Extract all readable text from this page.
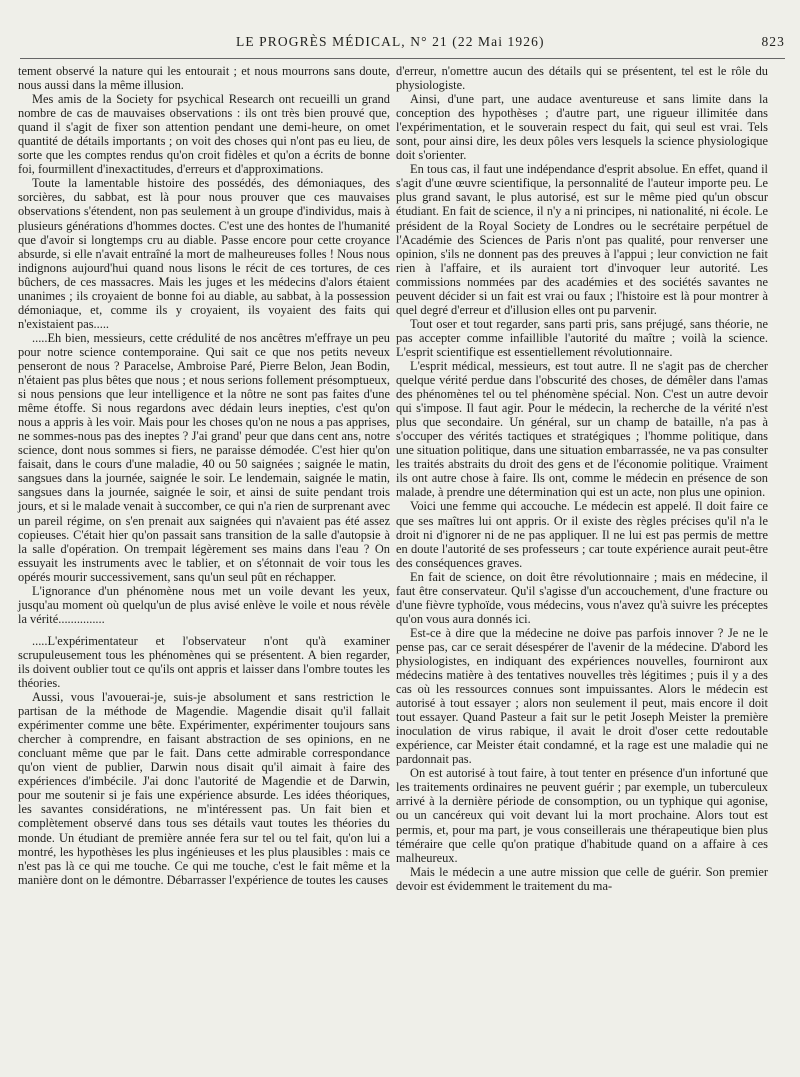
LE PROGRÈS MÉDICAL, N° 21 (22 Mai 1926)	823

tement observé la nature qui les entourait ; et nous mourrons sans doute, nous aussi dans la même illusion.

Mes amis de la Society for psychical Research ont recueilli un grand nombre de cas de mauvaises observations : ils ont très bien prouvé que, quand il s'agit de fixer son attention pendant une demi-heure, on omet quantité de détails importants ; on voit des choses qui n'ont pas eu lieu, de sorte que les comptes rendus qu'on croit fidèles et qu'on a écrits de bonne foi, fourmillent d'inexactitudes, d'erreurs et d'approximations.

Toute la lamentable histoire des possédés, des démoniaques, des sorcières, du sabbat, est là pour nous prouver que ces mauvaises observations s'étendent, non pas seulement à un groupe d'individus, mais à plusieurs générations d'hommes doctes. C'est une des hontes de l'humanité que d'avoir si longtemps cru au diable. Passe encore pour cette croyance absurde, si elle n'avait entraîné la mort de malheureuses folles ! Nous nous indignons aujourd'hui quand nous lisons le récit de ces tortures, de ces bûchers, de ces massacres. Mais les juges et les médecins d'alors étaient unanimes ; ils croyaient de bonne foi au diable, au sabbat, à la possession démoniaque, et, comme ils y croyaient, ils voyaient des faits qui n'existaient pas.....

.....Eh bien, messieurs, cette crédulité de nos ancêtres m'effraye un peu pour notre science contemporaine. Qui sait ce que nos petits neveux penseront de nous ? Paracelse, Ambroise Paré, Pierre Belon, Jean Bodin, n'étaient pas plus bêtes que nous ; et nous serions follement présomptueux, si nous pensions que leur intelligence et la nôtre ne sont pas faites d'une même étoffe. Si nous regardons avec dédain leurs inepties, c'est qu'on nous a appris à les voir. Mais pour les choses qu'on ne nous a pas apprises, ne sommes-nous pas des ineptes ? J'ai grand' peur que dans cent ans, notre science, dont nous sommes si fiers, ne paraisse démodée. C'est hier qu'on faisait, dans le cours d'une maladie, 40 ou 50 saignées ; saignée le matin, sangsues dans la journée, saignée le soir. Le lendemain, saignée le matin, sangsues dans la journée, saignée le soir, et ainsi de suite pendant trois jours, et si le malade venait à succomber, ce qui n'a rien de surprenant avec un pareil régime, on s'en prenait aux saignées qui n'avaient pas été assez copieuses. C'était hier qu'on passait sans transition de la salle d'autopsie à la salle d'opération. On trempait légèrement ses mains dans l'eau ? On essuyait les instruments avec le tablier, et on s'étonnait de voir tous les opérés mourir successivement, sans qu'un seul pût en réchapper.

L'ignorance d'un phénomène nous met un voile devant les yeux, jusqu'au moment où quelqu'un de plus avisé enlève le voile et nous révèle la vérité...............

.....L'expérimentateur et l'observateur n'ont qu'à examiner scrupuleusement tous les phénomènes qui se présentent. A bien regarder, ils doivent oublier tout ce qu'ils ont appris et laisser dans l'ombre toutes les théories.

Aussi, vous l'avouerai-je, suis-je absolument et sans restriction le partisan de la méthode de Magendie. Magendie disait qu'il fallait expérimenter comme une bête. Expérimenter, expérimenter toujours sans chercher à comprendre, en faisant abstraction de ses opinions, en ne concluant même que par le fait. Dans cette admirable correspondance qu'on vient de publier, Darwin nous disait qu'il aimait à faire des expériences d'imbécile. J'ai donc l'autorité de Magendie et de Darwin, pour me soutenir si je fais une expérience absurde. Les idées théoriques, les savantes considérations, ne m'intéressent pas. Un fait bien et complètement observé dans tous ses détails vaut toutes les théories du monde. Un étudiant de première année fera sur tel ou tel fait, qu'on lui a montré, les hypothèses les plus ingénieuses et les plus plausibles : mais ce n'est pas là ce qui me touche. Ce qui me touche, c'est le fait même et la manière dont on le démontre. Débarrasser l'expérience de toutes les causes

d'erreur, n'omettre aucun des détails qui se présentent, tel est le rôle du physiologiste.

Ainsi, d'une part, une audace aventureuse et sans limite dans la conception des hypothèses ; d'autre part, une rigueur illimitée dans l'expérimentation, et le souverain respect du fait, qui seul est vrai. Tels sont, pour ainsi dire, les deux pôles vers lesquels la science physiologique doit s'orienter.

En tous cas, il faut une indépendance d'esprit absolue. En effet, quand il s'agit d'une œuvre scientifique, la personnalité de l'auteur importe peu. Le plus grand savant, le plus autorisé, est sur le même pied qu'un obscur étudiant. En fait de science, il n'y a ni principes, ni nationalité, ni école. Le président de la Royal Society de Londres ou le secrétaire perpétuel de l'Académie des Sciences de Paris n'ont pas qualité, pour renverser une opinion, s'ils ne donnent pas des preuves à l'appui ; leur conviction ne fait rien à l'affaire, et ils auraient tort d'invoquer leur autorité. Les commissions nommées par des académies et des sociétés savantes ne peuvent décider si un fait est vrai ou faux ; l'histoire est là pour montrer à quel degré d'erreur et d'illusion elles ont pu parvenir.

Tout oser et tout regarder, sans parti pris, sans préjugé, sans théorie, ne pas accepter comme infaillible l'autorité du maître ; voilà la science. L'esprit scientifique est essentiellement révolutionnaire.

L'esprit médical, messieurs, est tout autre. Il ne s'agit pas de chercher quelque vérité perdue dans l'obscurité des choses, de démêler dans l'amas des phénomènes tel ou tel phénomène spécial. Non. C'est un autre devoir qui s'impose. Il faut agir. Pour le médecin, la recherche de la vérité n'est plus que secondaire. Un général, sur un champ de bataille, n'a pas à s'occuper des vérités tactiques et stratégiques ; l'homme politique, dans une situation politique, dans une situation embarrassée, ne va pas consulter les traités abstraits du droit des gens et de l'économie politique. Vraiment ils ont autre chose à faire. Ils ont, comme le médecin en présence de son malade, à prendre une détermination qui est un acte, non plus une opinion.

Voici une femme qui accouche. Le médecin est appelé. Il doit faire ce que ses maîtres lui ont appris. Or il existe des règles précises qu'il n'a le droit ni d'ignorer ni de ne pas appliquer. Il ne lui est pas permis de mettre en doute l'autorité de ses professeurs ; car toute expérience aurait peut-être des conséquences graves.

En fait de science, on doit être révolutionnaire ; mais en médecine, il faut être conservateur. Qu'il s'agisse d'un accouchement, d'une fracture ou d'une fièvre typhoïde, vous médecins, vous n'avez qu'à suivre les préceptes qu'on vous aura donnés ici.

Est-ce à dire que la médecine ne doive pas parfois innover ? Je ne le pense pas, car ce serait désespérer de l'avenir de la médecine. D'abord les physiologistes, en indiquant des expériences nouvelles, fourniront aux médecins matière à des tentatives nouvelles très légitimes ; puis il y a des cas où les ressources connues sont impuissantes. Alors le médecin est autorisé à tout essayer ; alors non seulement il peut, mais encore il doit tout essayer. Quand Pasteur a fait sur le petit Joseph Meister la première inoculation de virus rabique, il avait le droit d'oser cette redoutable expérience, car Meister était condamné, et la rage est une maladie qui ne pardonnait pas.

On est autorisé à tout faire, à tout tenter en présence d'un infortuné que les traitements ordinaires ne peuvent guérir ; par exemple, un tuberculeux arrivé à la dernière période de consomption, ou un typhique qui agonise, ou un cancéreux qui voit devant lui la mort prochaine. Alors tout est permis, et, pour ma part, je vous conseillerais une thérapeutique bien plus téméraire que celle qu'on pratique d'habitude quand on a affaire à ces malheureux.

Mais le médecin a une autre mission que celle de guérir. Son premier devoir est évidemment le traitement du ma-
